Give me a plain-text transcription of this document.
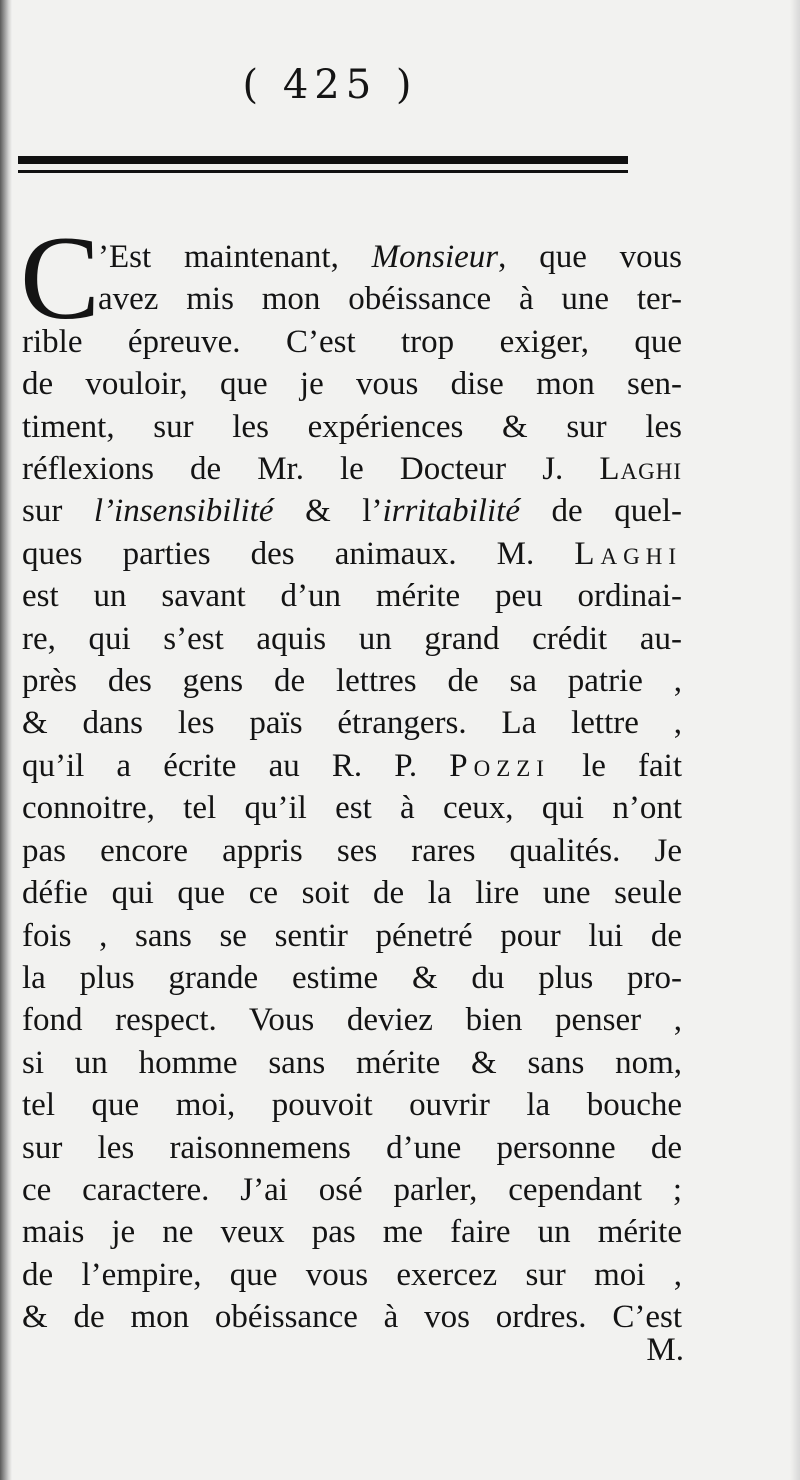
( 425 )
C
’Est maintenant, Monsieur, que vous
avez mis mon obéissance à une ter-
rible épreuve. C’est trop exiger, que
de vouloir, que je vous dise mon sen-
timent, sur les expériences & sur les
réflexions de Mr. le Docteur J. Laghi
sur l’insensibilité & l’irritabilité de quel-
ques parties des animaux. M. Laghi
est un savant d’un mérite peu ordinai-
re, qui s’est aquis un grand crédit au-
près des gens de lettres de sa patrie ,
& dans les païs étrangers. La lettre ,
qu’il a écrite au R. P. Pozzi le fait
connoitre, tel qu’il est à ceux, qui n’ont
pas encore appris ses rares qualités. Je
défie qui que ce soit de la lire une seule
fois , sans se sentir pénetré pour lui de
la plus grande estime & du plus pro-
fond respect. Vous deviez bien penser ,
si un homme sans mérite & sans nom,
tel que moi, pouvoit ouvrir la bouche
sur les raisonnemens d’une personne de
ce caractere. J’ai osé parler, cependant ;
mais je ne veux pas me faire un mérite
de l’empire, que vous exercez sur moi ,
& de mon obéissance à vos ordres. C’est
M.
